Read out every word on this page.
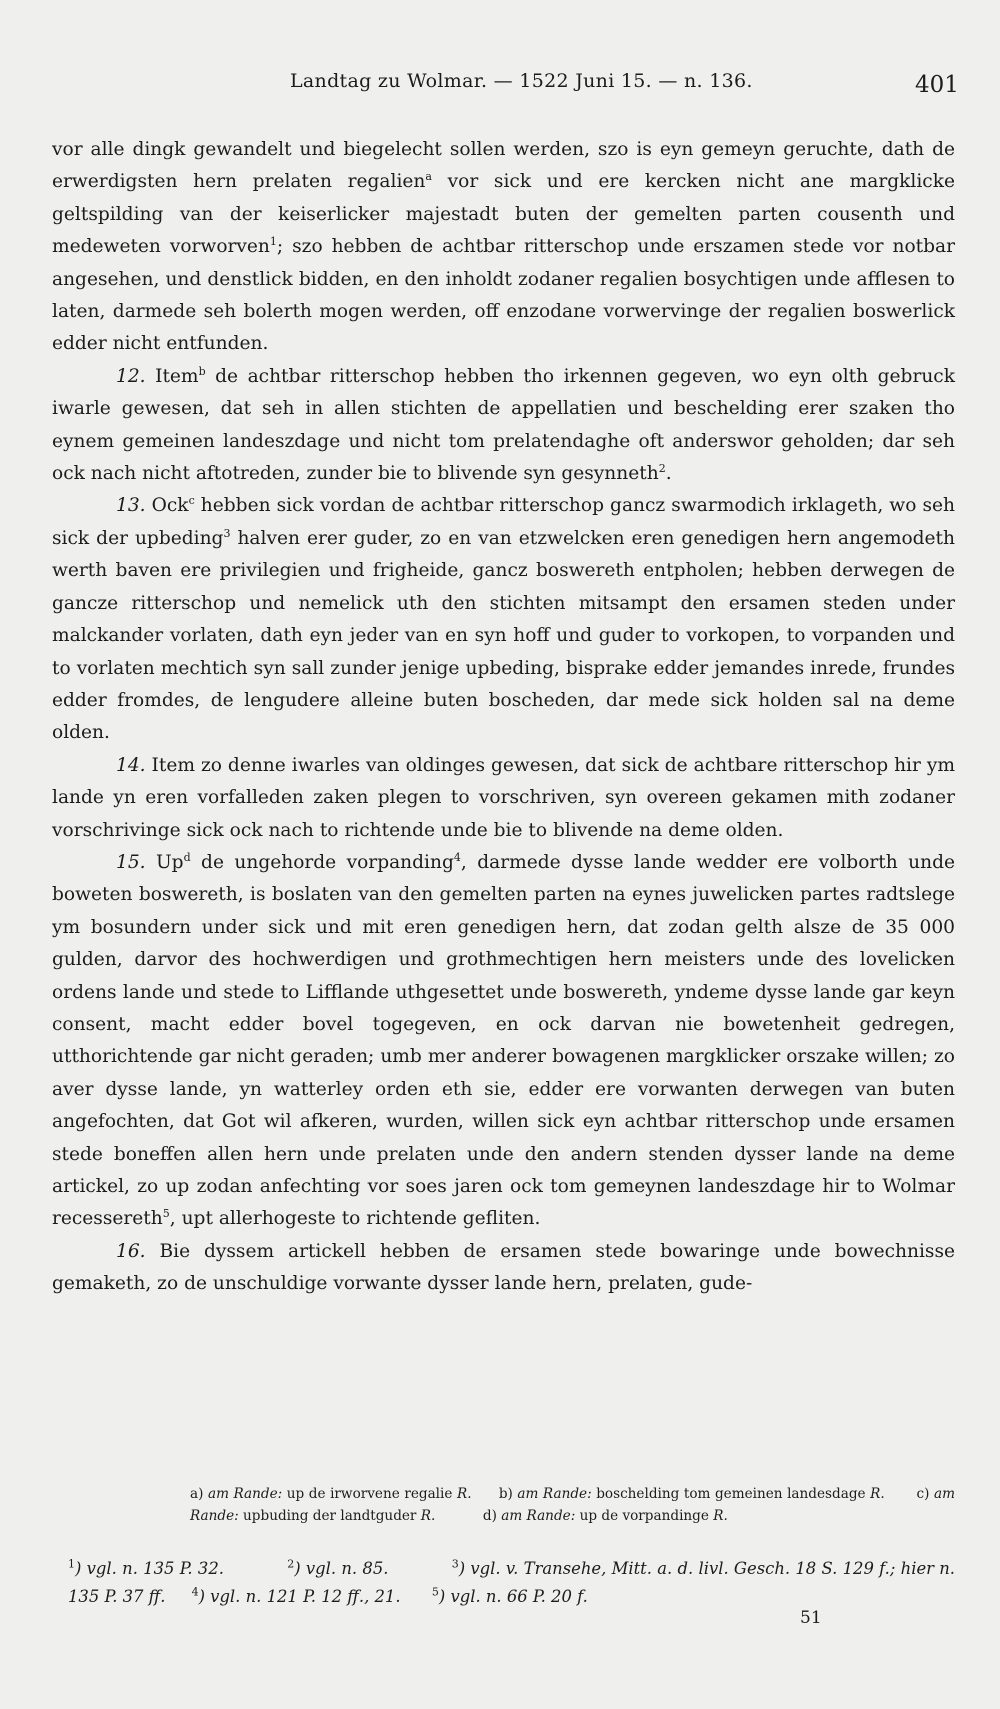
Landtag zu Wolmar. — 1522 Juni 15. — n. 136.	401

vor alle dingk gewandelt und biegelecht sollen werden, szo is eyn gemeyn geruchte, dath de erwerdigsten hern prelaten regalien$^a$ vor sick und ere kercken nicht ane margklicke geltspilding van der keiserlicker majestadt buten der gemelten parten cousenth und medeweten vorworven$^1$; szo hebben de achtbar ritterschop unde erszamen stede vor notbar angesehen, und denstlick bidden, en den inholdt zodaner regalien bosychtigen unde afflesen to laten, darmede seh bolerth mogen werden, off enzodane vorwervinge der regalien boswerlick edder nicht entfunden.

12. Item$^b$ de achtbar ritterschop hebben tho irkennen gegeven, wo eyn olth gebruck iwarle gewesen, dat seh in allen stichten de appellatien und beschelding erer szaken tho eynem gemeinen landeszdage und nicht tom prelatendaghe oft anderswor geholden; dar seh ock nach nicht aftotreden, zunder bie to blivende syn gesynneth$^2$.

13. Ock$^c$ hebben sick vordan de achtbar ritterschop gancz swarmodich irklageth, wo seh sick der upbeding$^3$ halven erer guder, zo en van etzwelcken eren genedigen hern angemodeth werth baven ere privilegien und frigheide, gancz boswereth entpholen; hebben derwegen de gancze ritterschop und nemelick uth den stichten mitsampt den ersamen steden under malckander vorlaten, dath eyn jeder van en syn hoff und guder to vorkopen, to vorpanden und to vorlaten mechtich syn sall zunder jenige upbeding, bisprake edder jemandes inrede, frundes edder fromdes, de lengudere alleine buten boscheden, dar mede sick holden sal na deme olden.

14. Item zo denne iwarles van oldinges gewesen, dat sick de achtbare ritterschop hir ym lande yn eren vorfalleden zaken plegen to vorschriven, syn overeen gekamen mith zodaner vorschrivinge sick ock nach to richtende unde bie to blivende na deme olden.

15. Up$^d$ de ungehorde vorpanding$^4$, darmede dysse lande wedder ere volborth unde boweten boswereth, is boslaten van den gemelten parten na eynes juwelicken partes radtslege ym bosundern under sick und mit eren genedigen hern, dat zodan gelth alsze de 35 000 gulden, darvor des hochwerdigen und grothmechtigen hern meisters unde des lovelicken ordens lande und stede to Lifflande uthgesettet unde boswereth, yndeme dysse lande gar keyn consent, macht edder bovel togegeven, en ock darvan nie bowetenheit gedregen, utthorichtende gar nicht geraden; umb mer anderer bowagenen margklicker orszake willen; zo aver dysse lande, yn watterley orden eth sie, edder ere vorwanten derwegen van buten angefochten, dat Got wil afkeren, wurden, willen sick eyn achtbar ritterschop unde ersamen stede boneffen allen hern unde prelaten unde den andern stenden dysser lande na deme artickel, zo up zodan anfechting vor soes jaren ock tom gemeynen landeszdage hir to Wolmar recessereth$^5$, upt allerhogeste to richtende gefliten.

16. Bie dyssem artickell hebben de ersamen stede bowaringe unde bowechnisse gemaketh, zo de unschuldige vorwante dysser lande hern, prelaten, gude-

a) am Rande: up de irworvene regalie R. b) am Rande: boschelding tom gemeinen landesdage R. c) am Rande: upbuding der landtguder R.	d) am Rande: up de vorpandinge R.

$^1$) vgl. n. 135 P. 32.	$^2$) vgl. n. 85.	$^3$) vgl. v. Transehe, Mitt. a. d. livl. Gesch. 18 S. 129 f.; hier n. 135 P. 37 ff. $^4$) vgl. n. 121 P. 12 ff., 21.	$^5$) vgl. n. 66 P. 20 f.

51
